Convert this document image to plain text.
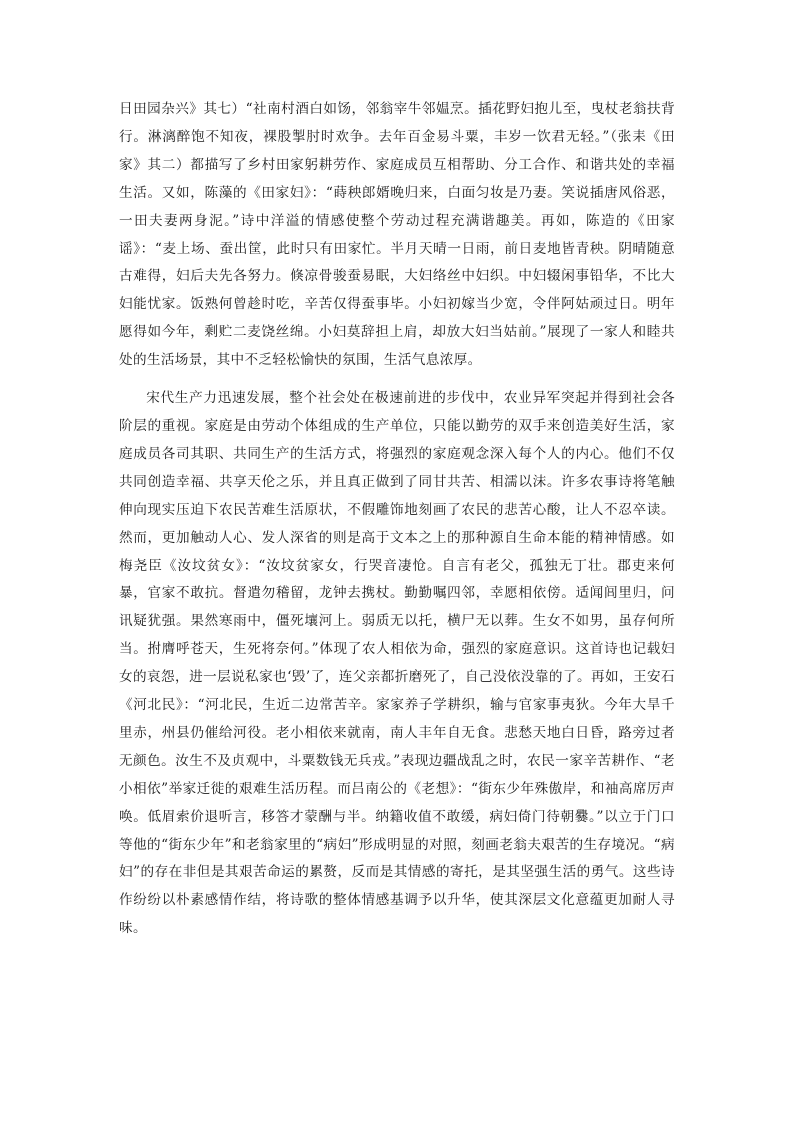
日田园杂兴》其七）“社南村酒白如饧，邻翁宰牛邻媪烹。插花野妇抱儿至，曳杖老翁扶背行。淋漓醉饱不知夜，裸股掣肘时欢争。去年百金易斗粟，丰岁一饮君无轻。”（张耒《田家》其二）都描写了乡村田家躬耕劳作、家庭成员互相帮助、分工合作、和谐共处的幸福生活。又如，陈藻的《田家妇》：“蒔秧郎婿晚归来，白面匀妆是乃妻。笑说插唐风俗恶，一田夫妻两身泥。”诗中洋溢的情感使整个劳动过程充满谐趣美。再如，陈造的《田家谣》：“麦上场、蚕出筐，此时只有田家忙。半月天晴一日雨，前日麦地皆青秧。阴晴随意古难得，妇后夫先各努力。倏凉骨骏蚕易眠，大妇络丝中妇织。中妇辍闲事铅华，不比大妇能忧家。饭熟何曾趁时吃，辛苦仅得蚕事毕。小妇初嫁当少宽，令伴阿姑顽过日。明年愿得如今年，剩贮二麦饶丝绵。小妇莫辞担上肩，却放大妇当姑前。”展现了一家人和睦共处的生活场景，其中不乏轻松愉快的氛围，生活气息浓厚。

宋代生产力迅速发展，整个社会处在极速前进的步伐中，农业异军突起并得到社会各阶层的重视。家庭是由劳动个体组成的生产单位，只能以勤劳的双手来创造美好生活，家庭成员各司其职、共同生产的生活方式，将强烈的家庭观念深入每个人的内心。他们不仅共同创造幸福、共享天伦之乐，并且真正做到了同甘共苦、相濡以沫。许多农事诗将笔触伸向现实压迫下农民苦难生活原状，不假雕饰地刻画了农民的悲苦心酸，让人不忍卒读。然而，更加触动人心、发人深省的则是高于文本之上的那种源自生命本能的精神情感。如梅尧臣《汝坟贫女》：“汝坟贫家女，行哭音凄怆。自言有老父，孤独无丁壮。郡吏来何暴，官家不敢抗。督遣勿稽留，龙钟去携杖。勤勤嘱四邻，幸愿相依傍。适闻闾里归，问讯疑犹强。果然寒雨中，僵死壤河上。弱质无以托，横尸无以葬。生女不如男，虽存何所当。拊膺呼苍天，生死将奈何。”体现了农人相依为命，强烈的家庭意识。这首诗也记载妇女的哀怨，进一层说私家也‘毁’了，连父亲都折磨死了，自己没依没靠的了。再如，王安石《河北民》：“河北民，生近二边常苦辛。家家养子学耕织，输与官家事夷狄。今年大旱千里赤，州县仍催给河役。老小相依来就南，南人丰年自无食。悲愁天地白日昏，路旁过者无颜色。汝生不及贞观中，斗粟数钱无兵戎。”表现边疆战乱之时，农民一家辛苦耕作、“老小相依”举家迁徙的艰难生活历程。而吕南公的《老想》：“街东少年殊傲岸，和袖高席厉声唤。低眉索价退听言，移答才蒙酬与半。纳籍收值不敢缓，病妇倚门待朝爨。”以立于门口等他的“街东少年”和老翁家里的“病妇”形成明显的对照，刻画老翁夫艰苦的生存境况。“病妇”的存在非但是其艰苦命运的累赘，反而是其情感的寄托，是其坚强生活的勇气。这些诗作纷纷以朴素感情作结，将诗歌的整体情感基调予以升华，使其深层文化意蕴更加耐人寻味。
